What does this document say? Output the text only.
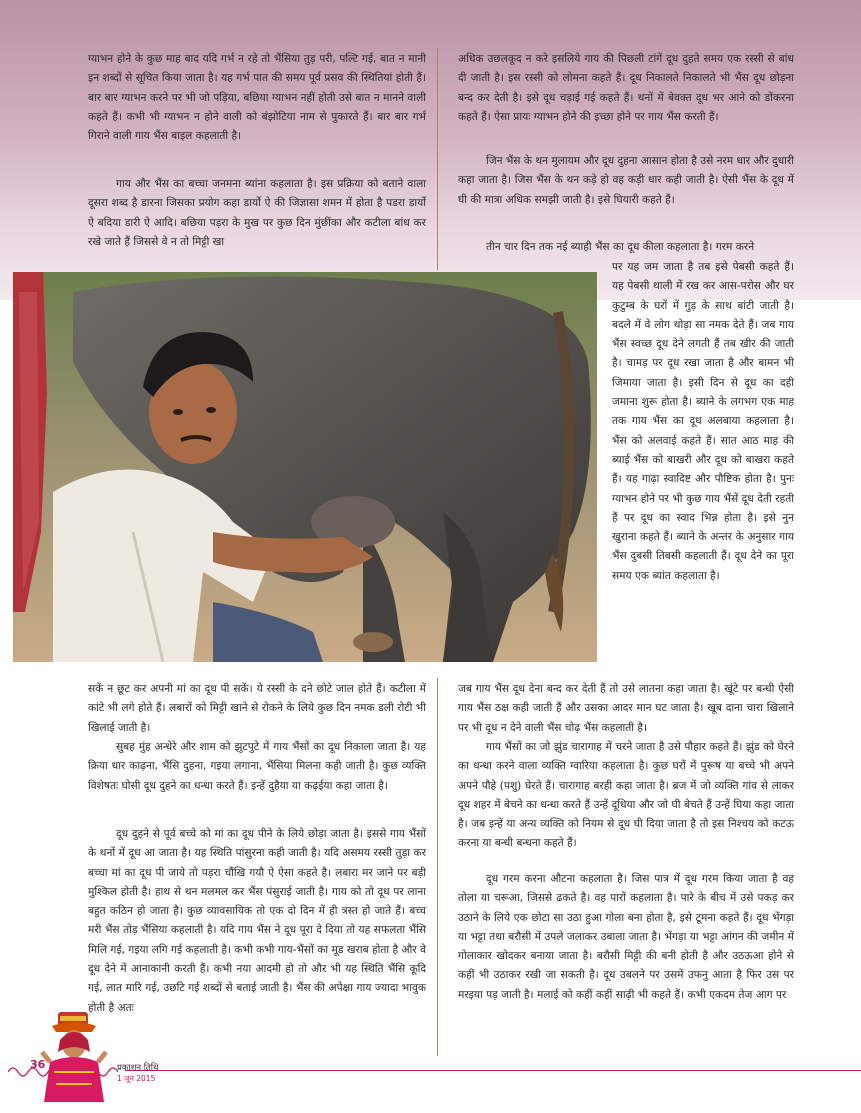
ग्याभन होने के कुछ माह बाद यदि गर्भ न रहे तो भैंसिया तुड़ परी, पल्टि गई, बात न मानी इन शब्दों से सूचित किया जाता है। यह गर्भ पात की समय पूर्व प्रसव की स्थितियां होती हैं। बार बार ग्याभन करने पर भी जो पड़िया, बछिया ग्याभन नहीं होती उसे बात न मानने वाली कहते हैं। कभी भी ग्याभन न होने वाली को बंझोटिया नाम से पुकारते हैं। बार बार गर्भ गिराने वाली गाय भैंस बाइल कहलाती है।

गाय और भैंस का बच्चा जनमना ब्यांना कहलाता है। इस प्रक्रिया को बताने वाला दूसरा शब्द है डारना जिसका प्रयोग कहा डार्यो ऐ की जिज्ञासा शमन में होता है पडरा डार्यो ऐ बदिया डारी ऐ आदि। बछिया पड़रा के मुख पर कुछ दिन मुंछींका और कटीला बांध कर रखे जाते हैं जिससे वे न तो मिट्टी खा

अधिक उछलकूद न करे इसलिये गाय की पिछली टांगें दूध दुहते समय एक रस्सी से बांध दी जाती है। इस रस्सी को लोमना कहते हैं। दूध निकालते निकालते भी भैंस दूध छोड़ना बन्द कर देती है। इसे दूध चड़ाई गई कहते हैं। थनों में बेवक्त दूध भर आने को डोंकरना कहते हैं। ऐसा प्रायः ग्याभन होने की इच्छा होने पर गाय भैंस करती हैं।

जिन भैंस के थन मुलायम और दूध दुहना आसान होता है उसे नरम धार और दुधारी कहा जाता है। जिस भैंस के थन कड़े हो वह कड़ी धार कही जाती है। ऐसी भैंस के दूध में घी की मात्रा अधिक समझी जाती है। इसे घियारी कहते हैं।

तीन चार दिन तक नई ब्याही भैंस का दूध कीला कहलाता है। गरम करने

पर यह जम जाता है तब इसे पेबसी कहते हैं। यह पेबसी थाली में रख कर आस-परोस और घर कुटुम्ब के घरों में गुड़ के साथ बांटी जाती है। बदले में वे लोग थोड़ा सा नमक देते हैं। जब गाय भैंस स्वच्छ दूध देने लगती हैं तब खीर की जाती है। चामड़ पर दूध रखा जाता है और बामन भी जिमाया जाता है। इसी दिन से दूध का दही जमाना शुरू होता है। ब्याने के लगभग एक माह तक गाय भैंस का दूध अलबाया कहलाता है। भैंस को अलवाई कहते हैं। सात आठ माह की ब्याई भैंस को बाखरी और दूध को बाखरा कहते हैं। यह गाढ़ा स्वादिष्ट और पौष्टिक होता है। पुनः ग्याभन होने पर भी कुछ गाय भैंसें दूध देती रहती हैं पर दूध का स्वाद भिन्न होता है। इसे नुन खुराना कहते हैं। ब्याने के अन्तर के अनुसार गाय भैंस दुबसी तिबसी कहलाती हैं। दूध देने का पूरा समय एक ब्यांत कहलाता है।

सकें न छूट कर अपनी मां का दूध पी सकें। ये रस्सी के दने छोटे जाल होते हैं। कटीला में कांटे भी लगे होते हैं। लबारों को मिट्टी खाने से रोकने के लिये कुछ दिन नमक डली रोटी भी खिलाई जाती है।

सुबह मुंह अन्धेरे और शाम को झुटपुटे में गाय भैंसों का दूध निकाला जाता है। यह क्रिया धार काढ़ना, भैंसि दुहना, गइया लगाना, भैंसिया मिलना कही जाती है। कुछ व्यक्ति विशेषतः घोसी दूध दुहने का धन्धा करते हैं। इन्हें दुहैया या कढ़ईया कहा जाता है।

दूध दुहने से पूर्व बच्चे को मां का दूध पीने के लिये छोड़ा जाता है। इससे गाय भैंसों के थनों में दूध आ जाता है। यह स्थिति पांसुरना कही जाती है। यदि असमय रस्सी तुड़ा कर बच्चा मां का दूध पी जाये तो पड़रा चौंखि गयौ ऐ ऐसा कहते है। लबारा मर जाने पर बड़ी मुश्किल होती है। हाथ से थन मलमल कर भैंस पंसुराई जाती है। गाय को तो दूध पर लाना बहुत कठिन हो जाता है। कुछ व्यावसायिक तो एक दो दिन में ही त्रस्त हो जाते हैं। बच्च मरी भैंस तोड़ भैंसिया कहलाती है। यदि गाय भैंस ने दूध पूरा दे दिया तो यह सफलता भैंसि मिलि गई, गइया लगि गई कहलाती है। कभी कभी गाय-भैंसों का मूड खराब होता है और वे दूध देने में आनाकानी करती हैं। कभी नया आदमी हो तो और भी यह स्थिति भैंसि कूदि गई, लात मारि गई, उछटि गई शब्दों से बताई जाती है। भैंस की अपेक्षा गाय ज्यादा भावुक होती है अतः

जब गाय भैंस दूध देना बन्द कर देती हैं तो उसे लातना कहा जाता है। खूंटे पर बन्धी ऐसी गाय भैंस ठक्ष कही जाती हैं और उसका आदर मान घट जाता है। खूब दाना चारा खिलाने पर भी दूध न देने वाली भैंस चोढ़ भैंस कहलाती है।

गाय भैंसों का जो झुंड चारागाह में चरने जाता है उसे पौहार कहते हैं। झुंड को घेरने का धन्धा करने वाला व्यक्ति ग्वारिया कहलाता है। कुछ घरों में पुरूष या बच्चे भी अपने अपने पौहे (पशु) घेरते हैं। चारागाह बरही कहा जाता है। ब्रज में जो व्यक्ति गांव से लाकर दूध शहर में बेचने का धन्धा करते हैं उन्हें दूधिया और जो घी बेचते हैं उन्हें घिया कहा जाता है। जब इन्हें या अन्य व्यक्ति को नियम से दूध घी दिया जाता है तो इस निश्चय को कटऊ करना या बन्धी बन्धना कहते हैं।

दूध गरम करना औटना कहलाता है। जिस पात्र में दूध गरम किया जाता है वह तोला या चरूआ, जिससे ढकते है। वह पारों कहलाता है। पारे के बीच में उसे पकड़ कर उठाने के लिये एक छोटा सा उठा हुआ गोला बना होता है, इसे टूमना कहते हैं। दूध भेंगड़ा या भट्टा तथा बरौसी में उपले जलाकर उबाला जाता है। भेंगड़ा या भट्टा आंगन की जमीन में गोलाकार खोदकर बनाया जाता है। बरौसी मिट्टी की बनी होती है और उठऊआ होने से कहीं भी उठाकर रखी जा सकती है। दूध उबलने पर उसमें उफनु आता है फिर उस पर मरइया पड़ जाती है। मलाई को कहीं कहीं साढ़ी भी कहते हैं। कभी एकदम तेज आग पर

36	प्रकाशन तिथि
1 जून 2015
